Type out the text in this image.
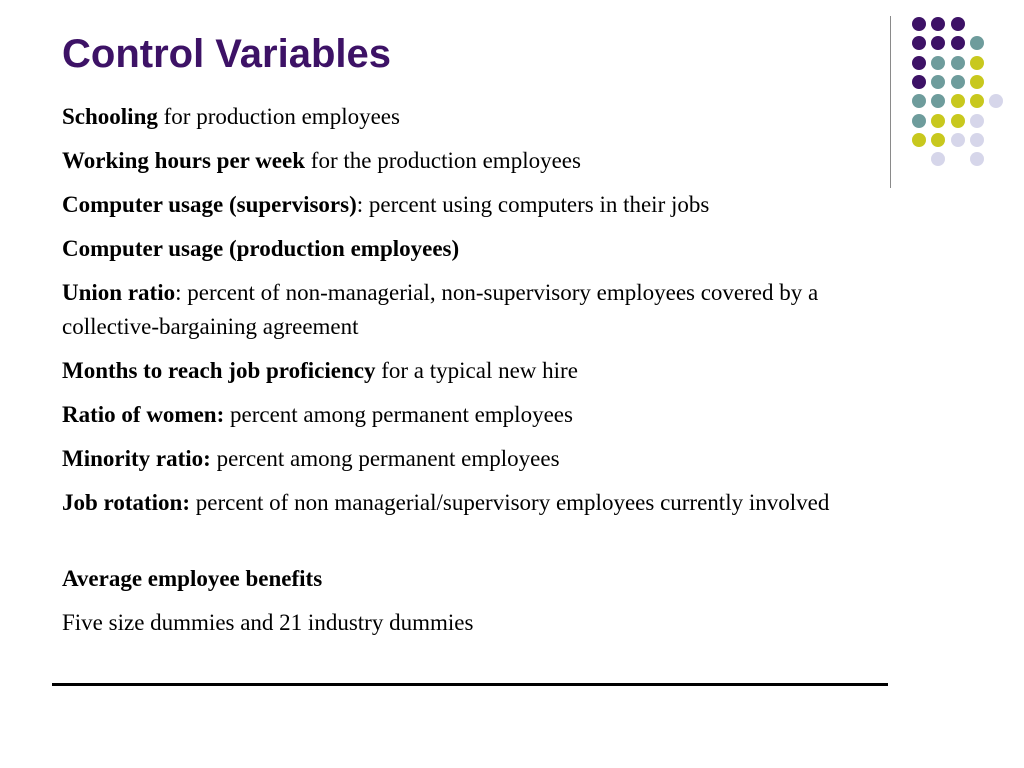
Control Variables

Schooling for production employees

Working hours per week for the production employees

Computer usage (supervisors): percent using computers in their jobs

Computer usage (production employees)

Union ratio: percent of non-managerial, non-supervisory employees covered by a collective-bargaining agreement

Months to reach job proficiency for a typical new hire

Ratio of women: percent among permanent employees

Minority ratio: percent among permanent employees

Job rotation: percent of non managerial/supervisory employees currently involved

Average employee benefits

Five size dummies and 21 industry dummies
